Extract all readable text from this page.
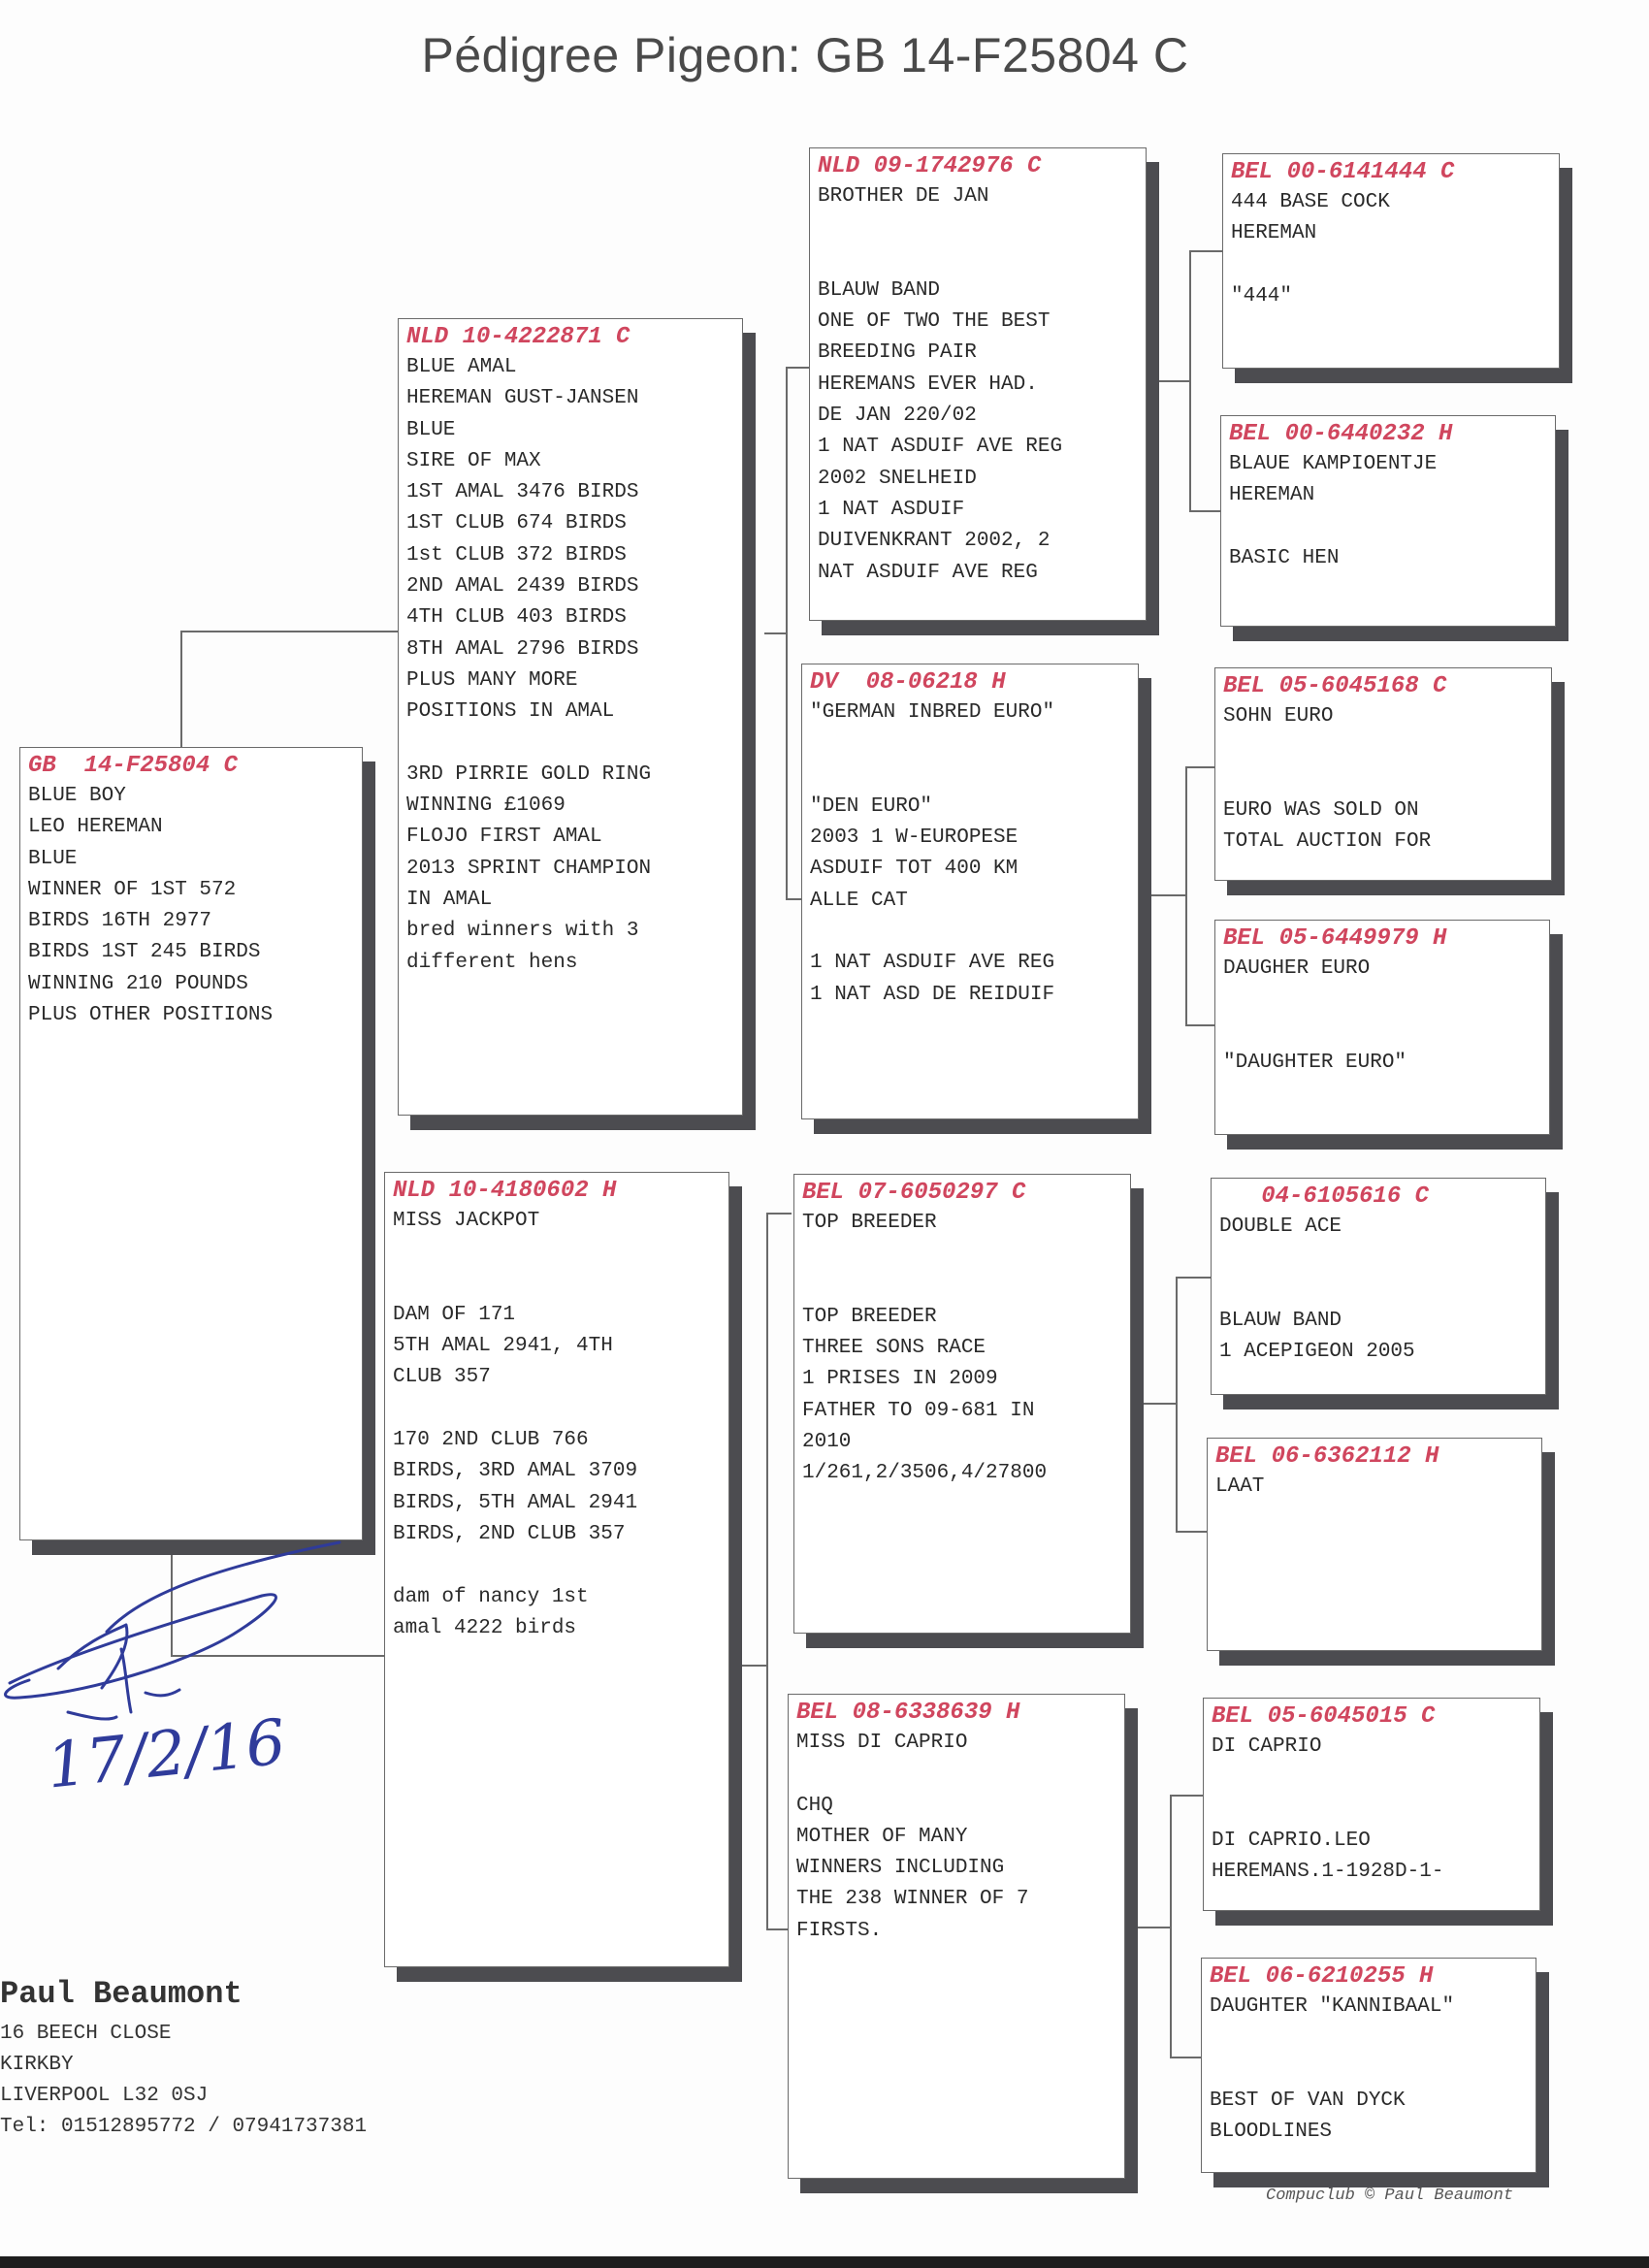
Pédigree Pigeon: GB 14-F25804 C
GB  14-F25804 C
BLUE BOY
LEO HEREMAN
BLUE
WINNER OF 1ST 572
BIRDS 16TH 2977
BIRDS 1ST 245 BIRDS
WINNING 210 POUNDS
PLUS OTHER POSITIONS
NLD 10-4222871 C
BLUE AMAL
HEREMAN GUST-JANSEN
BLUE
SIRE OF MAX
1ST AMAL 3476 BIRDS
1ST CLUB 674 BIRDS
1st CLUB 372 BIRDS
2ND AMAL 2439 BIRDS
4TH CLUB 403 BIRDS
8TH AMAL 2796 BIRDS
PLUS MANY MORE
POSITIONS IN AMAL
3RD PIRRIE GOLD RING
WINNING £1069
FLOJO FIRST AMAL
2013 SPRINT CHAMPION
IN AMAL
bred winners with 3
different hens
NLD 10-4180602 H
MISS JACKPOT
DAM OF 171
5TH AMAL 2941, 4TH
CLUB 357
170 2ND CLUB 766
BIRDS, 3RD AMAL 3709
BIRDS, 5TH AMAL 2941
BIRDS, 2ND CLUB 357
dam of nancy 1st
amal 4222 birds
NLD 09-1742976 C
BROTHER DE JAN
BLAUW BAND
ONE OF TWO THE BEST
BREEDING PAIR
HEREMANS EVER HAD.
DE JAN 220/02
1 NAT ASDUIF AVE REG
2002 SNELHEID
1 NAT ASDUIF
DUIVENKRANT 2002, 2
NAT ASDUIF AVE REG
DV  08-06218 H
"GERMAN INBRED EURO"
"DEN EURO"
2003 1 W-EUROPESE
ASDUIF TOT 400 KM
ALLE CAT
1 NAT ASDUIF AVE REG
1 NAT ASD DE REIDUIF
BEL 07-6050297 C
TOP BREEDER
TOP BREEDER
THREE SONS RACE
1 PRISES IN 2009
FATHER TO 09-681 IN
2010
1/261,2/3506,4/27800
BEL 08-6338639 H
MISS DI CAPRIO
CHQ
MOTHER OF MANY
WINNERS INCLUDING
THE 238 WINNER OF 7
FIRSTS.
BEL 00-6141444 C
444 BASE COCK
HEREMAN
"444"
BEL 00-6440232 H
BLAUE KAMPIOENTJE
HEREMAN
BASIC HEN
BEL 05-6045168 C
SOHN EURO
EURO WAS SOLD ON
TOTAL AUCTION FOR
BEL 05-6449979 H
DAUGHER EURO
"DAUGHTER EURO"
04-6105616 C
DOUBLE ACE
BLAUW BAND
1 ACEPIGEON 2005
BEL 06-6362112 H
LAAT
BEL 05-6045015 C
DI CAPRIO
DI CAPRIO.LEO
HEREMANS.1-1928D-1-
BEL 06-6210255 H
DAUGHTER "KANNIBAAL"
BEST OF VAN DYCK
BLOODLINES
17/2/16
Paul Beaumont
16 BEECH CLOSE
KIRKBY
LIVERPOOL L32 0SJ
Tel: 01512895772 / 07941737381
Compuclub © Paul Beaumont
